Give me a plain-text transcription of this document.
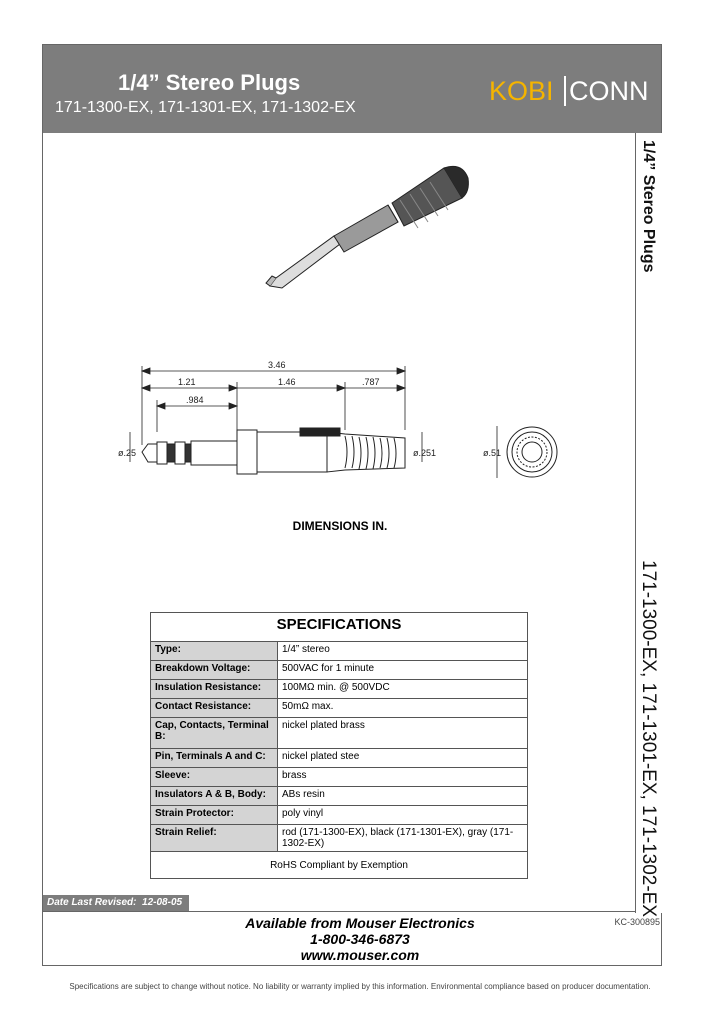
1/4” Stereo Plugs
171-1300-EX, 171-1301-EX, 171-1302-EX
KOBI CONN
1/4” Stereo Plugs
171-1300-EX, 171-1301-EX, 171-1302-EX
3.46
1.21	1.46	.787
.984
ø.25	ø.251	ø.51
DIMENSIONS IN.
SPECIFICATIONS	
Type:	1/4” stereo
Breakdown Voltage:	500VAC for 1 minute
Insulation Resistance:	100MΩ min. @ 500VDC
Contact Resistance:	50mΩ max.
Cap, Contacts, Terminal B:	nickel plated brass
Pin, Terminals A and C:	nickel plated stee
Sleeve:	brass
Insulators A & B, Body:	ABs resin
Strain Protector:	poly vinyl
Strain Relief:	rod (171-1300-EX), black (171-1301-EX), gray (171-1302-EX)
RoHS Compliant by Exemption	
Date Last Revised: 12-08-05
Available from Mouser Electronics
1-800-346-6873
www.mouser.com
KC-300895
Specifications are subject to change without notice. No liability or warranty implied by this information. Environmental compliance based on producer documentation.
